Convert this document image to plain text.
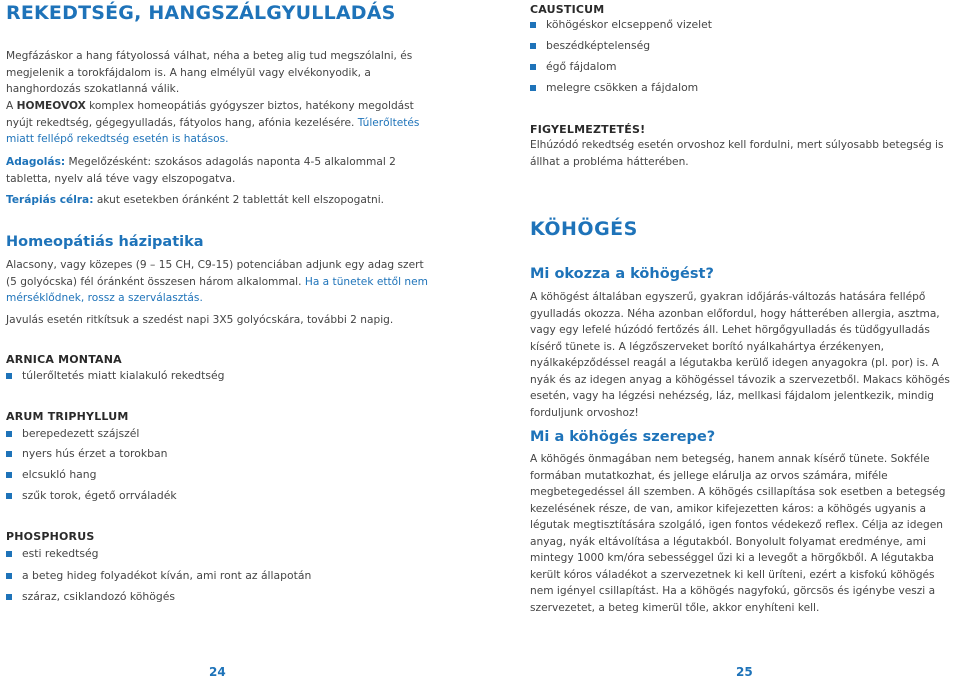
REKEDTSÉG, HANGSZÁLGYULLADÁS

Megfázáskor a hang fátyolossá válhat, néha a beteg alig tud megszólalni, és megjelenik a torokfájdalom is. A hang elmélyül vagy elvékonyodik, a hanghordozás szokatlanná válik.

A HOMEOVOX komplex homeopátiás gyógyszer biztos, hatékony megoldást nyújt rekedtség, gégegyulladás, fátyolos hang, afónia kezelésére. Túlerőltetés miatt fellépő rekedtség esetén is hatásos.

Adagolás: Megelőzésként: szokásos adagolás naponta 4-5 alkalommal 2 tabletta, nyelv alá téve vagy elszopogatva.

Terápiás célra: akut esetekben óránként 2 tablettát kell elszopogatni.

Homeopátiás házipatika

Alacsony, vagy közepes (9 – 15 CH, C9-15) potenciában adjunk egy adag szert (5 golyócska) fél óránként összesen három alkalommal. Ha a tünetek ettől nem mérséklődnek, rossz a szerválasztás.

Javulás esetén ritkítsuk a szedést napi 3X5 golyócskára, további 2 napig.

ARNICA MONTANA
túlerőltetés miatt kialakuló rekedtség
ARUM TRIPHYLLUM
berepedezett szájszél
nyers hús érzet a torokban
elcsukló hang
szűk torok, égető orrváladék
PHOSPHORUS
esti rekedtség
a beteg hideg folyadékot kíván, ami ront az állapotán
száraz, csiklandozó köhögés
24
CAUSTICUM
köhögéskor elcseppenő vizelet
beszédképtelenség
égő fájdalom
melegre csökken a fájdalom
FIGYELMEZTETÉS!

Elhúzódó rekedtség esetén orvoshoz kell fordulni, mert súlyosabb betegség is állhat a probléma hátterében.

KÖHÖGÉS
Mi okozza a köhögést?

A köhögést általában egyszerű, gyakran időjárás-változás hatására fellépő gyulladás okozza. Néha azonban előfordul, hogy hátterében allergia, asztma, vagy egy lefelé húzódó fertőzés áll. Lehet hörgőgyulladás és tüdőgyulladás kísérő tünete is. A légzőszerveket borító nyálkahártya érzékenyen, nyálkaképződéssel reagál a légutakba kerülő idegen anyagokra (pl. por) is. A nyák és az idegen anyag a köhögéssel távozik a szervezetből. Makacs köhögés esetén, vagy ha légzési nehézség, láz, mellkasi fájdalom jelentkezik, mindig forduljunk orvoshoz!

Mi a köhögés szerepe?

A köhögés önmagában nem betegség, hanem annak kísérő tünete. Sokféle formában mutatkozhat, és jellege elárulja az orvos számára, miféle megbetegedéssel áll szemben. A köhögés csillapítása sok esetben a betegség kezelésének része, de van, amikor kifejezetten káros: a köhögés ugyanis a légutak megtisztítására szolgáló, igen fontos védekező reflex. Célja az idegen anyag, nyák eltávolítása a légutakból. Bonyolult folyamat eredménye, ami mintegy 1000 km/óra sebességgel űzi ki a levegőt a hörgőkből. A légutakba került kóros váladékot a szervezetnek ki kell üríteni, ezért a kisfokú köhögés nem igényel csillapítást. Ha a köhögés nagyfokú, görcsös és igénybe veszi a szervezetet, a beteg kimerül tőle, akkor enyhíteni kell.

25
